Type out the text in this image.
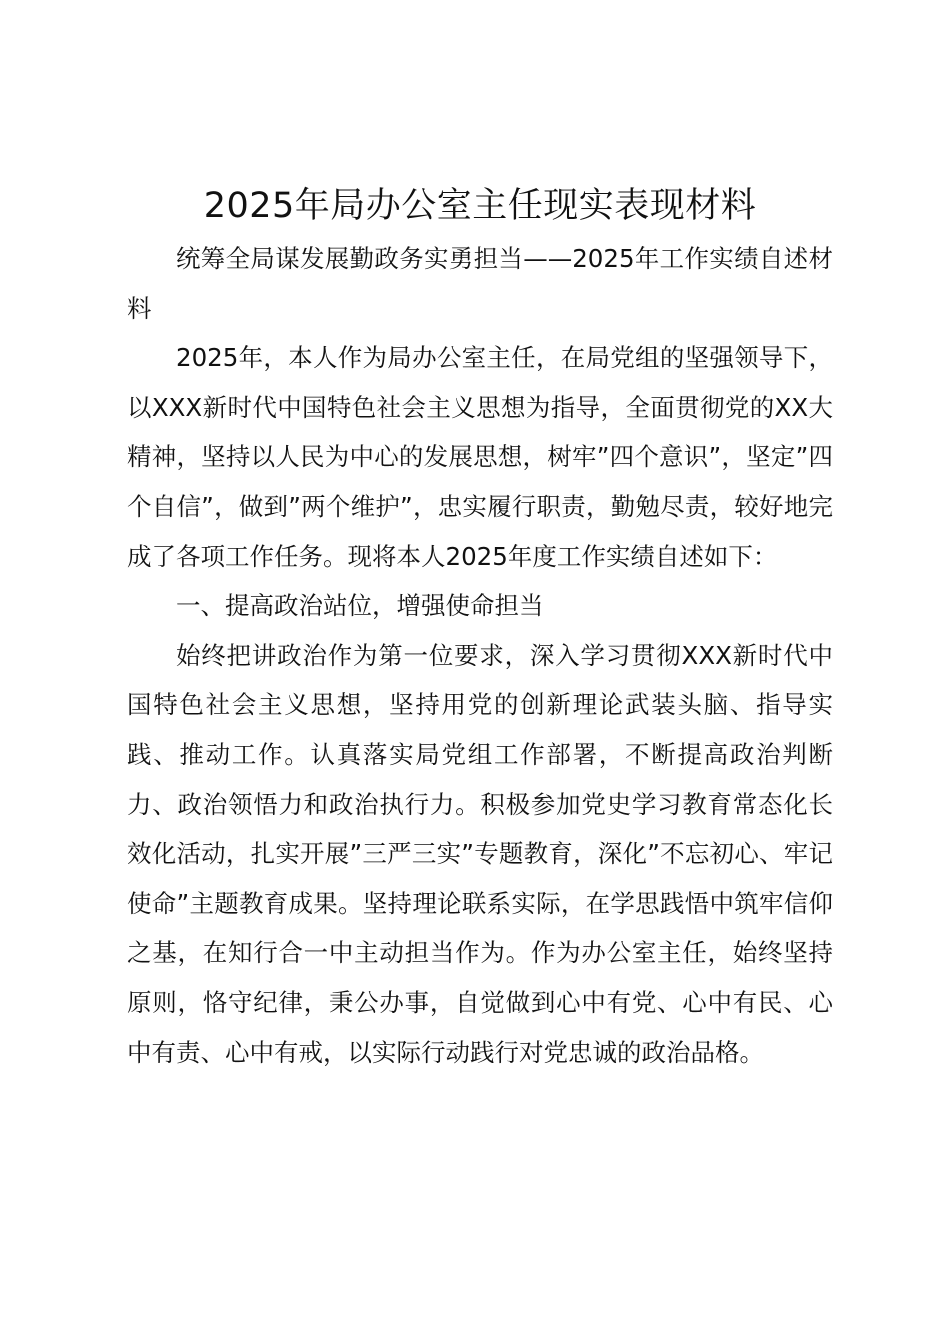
2025年局办公室主任现实表现材料

统筹全局谋发展勤政务实勇担当——2025年工作实绩自述材料

2025年，本人作为局办公室主任，在局党组的坚强领导下，以XXX新时代中国特色社会主义思想为指导，全面贯彻党的XX大精神，坚持以人民为中心的发展思想，树牢”四个意识”，坚定”四个自信”，做到”两个维护”，忠实履行职责，勤勉尽责，较好地完成了各项工作任务。现将本人2025年度工作实绩自述如下：

一、提高政治站位，增强使命担当

始终把讲政治作为第一位要求，深入学习贯彻XXX新时代中国特色社会主义思想，坚持用党的创新理论武装头脑、指导实践、推动工作。认真落实局党组工作部署，不断提高政治判断力、政治领悟力和政治执行力。积极参加党史学习教育常态化长效化活动，扎实开展”三严三实”专题教育，深化”不忘初心、牢记使命”主题教育成果。坚持理论联系实际，在学思践悟中筑牢信仰之基，在知行合一中主动担当作为。作为办公室主任，始终坚持原则，恪守纪律，秉公办事，自觉做到心中有党、心中有民、心中有责、心中有戒，以实际行动践行对党忠诚的政治品格。
